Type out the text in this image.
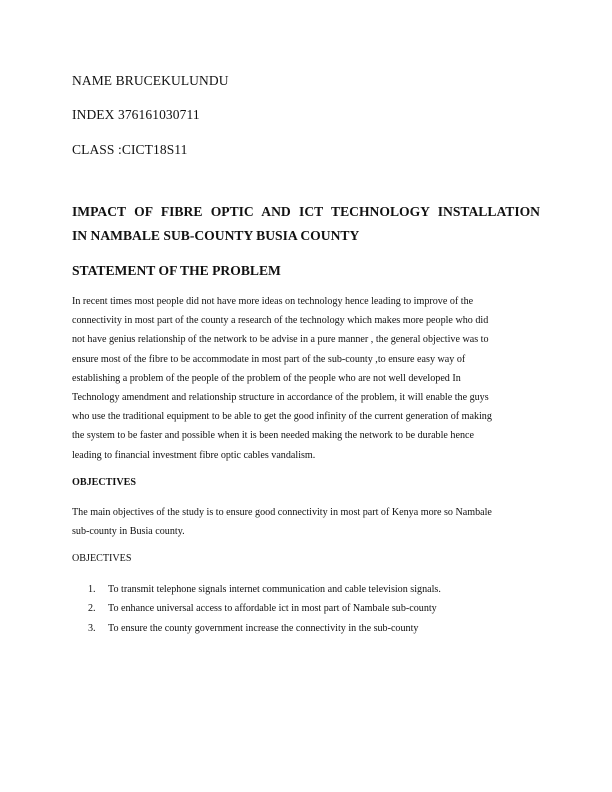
NAME BRUCEKULUNDU
INDEX 376161030711
CLASS :CICT18S11
IMPACT OF FIBRE OPTIC AND ICT TECHNOLOGY INSTALLATION
IN NAMBALE SUB-COUNTY BUSIA COUNTY
STATEMENT OF THE PROBLEM
In recent times most people did not have more ideas on technology hence leading to improve of the
connectivity in most part of the county a research of the technology which makes more people who did
not have genius relationship of the network to be advise in a pure manner , the general objective was to
ensure most of the fibre to be accommodate in most part of the sub-county ,to ensure easy way of
establishing a problem of the people of the problem of the people who are not well developed In
Technology amendment and relationship structure in accordance of the problem, it will enable the guys
who use the traditional equipment to be able to get the good infinity of the current generation of making
the system to be faster and possible when it is been needed making the network to be durable hence
leading to financial investment fibre optic cables vandalism.
OBJECTIVES
The main objectives of the study is to ensure good connectivity in most part of Kenya more so Nambale
sub-county in Busia county.
OBJECTIVES
1. To transmit telephone signals internet communication and cable television signals.
2. To enhance universal access to affordable ict in most part of Nambale sub-county
3. To ensure the county government increase the connectivity in the sub-county
